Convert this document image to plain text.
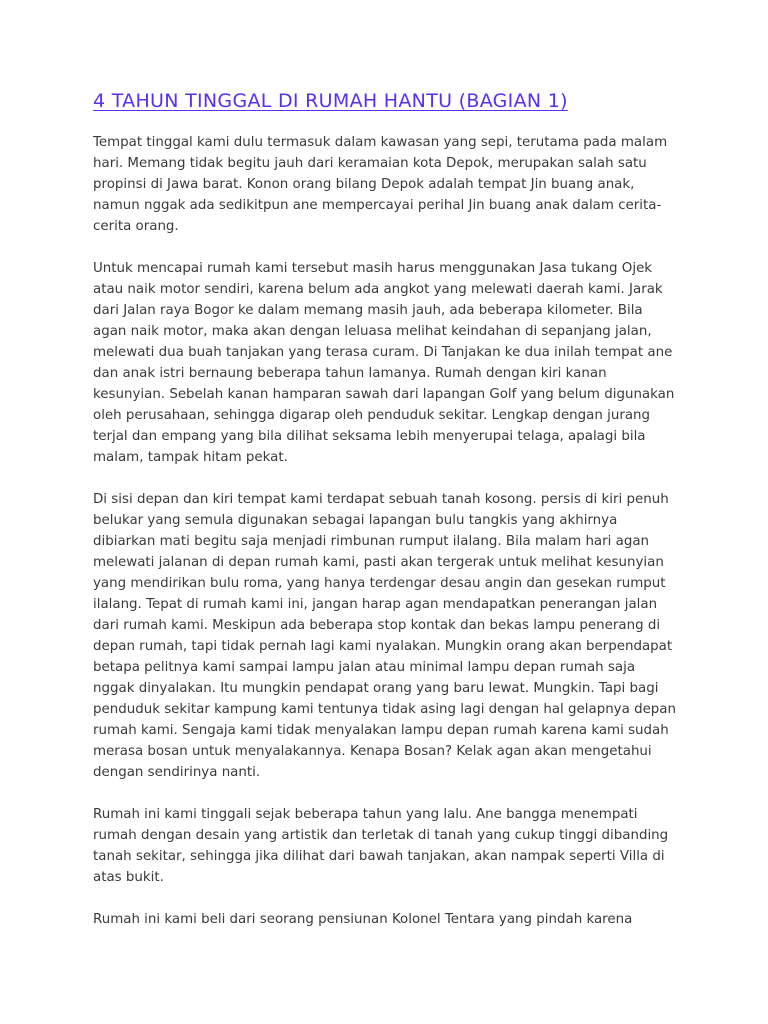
4 TAHUN TINGGAL DI RUMAH HANTU (BAGIAN 1)

Tempat tinggal kami dulu termasuk dalam kawasan yang sepi, terutama pada malam hari. Memang tidak begitu jauh dari keramaian kota Depok, merupakan salah satu propinsi di Jawa barat. Konon orang bilang Depok adalah tempat Jin buang anak, namun nggak ada sedikitpun ane mempercayai perihal Jin buang anak dalam cerita-cerita orang.

Untuk mencapai rumah kami tersebut masih harus menggunakan Jasa tukang Ojek atau naik motor sendiri, karena belum ada angkot yang melewati daerah kami. Jarak dari Jalan raya Bogor ke dalam memang masih jauh, ada beberapa kilometer. Bila agan naik motor, maka akan dengan leluasa melihat keindahan di sepanjang jalan, melewati dua buah tanjakan yang terasa curam. Di Tanjakan ke dua inilah tempat ane dan anak istri bernaung beberapa tahun lamanya. Rumah dengan kiri kanan kesunyian. Sebelah kanan hamparan sawah dari lapangan Golf yang belum digunakan oleh perusahaan, sehingga digarap oleh penduduk sekitar. Lengkap dengan jurang terjal dan empang yang bila dilihat seksama lebih menyerupai telaga, apalagi bila malam, tampak hitam pekat.

Di sisi depan dan kiri tempat kami terdapat sebuah tanah kosong. persis di kiri penuh belukar yang semula digunakan sebagai lapangan bulu tangkis yang akhirnya dibiarkan mati begitu saja menjadi rimbunan rumput ilalang. Bila malam hari agan melewati jalanan di depan rumah kami, pasti akan tergerak untuk melihat kesunyian yang mendirikan bulu roma, yang hanya terdengar desau angin dan gesekan rumput ilalang. Tepat di rumah kami ini, jangan harap agan mendapatkan penerangan jalan dari rumah kami. Meskipun ada beberapa stop kontak dan bekas lampu penerang di depan rumah, tapi tidak pernah lagi kami nyalakan. Mungkin orang akan berpendapat betapa pelitnya kami sampai lampu jalan atau minimal lampu depan rumah saja nggak dinyalakan. Itu mungkin pendapat orang yang baru lewat. Mungkin. Tapi bagi penduduk sekitar kampung kami tentunya tidak asing lagi dengan hal gelapnya depan rumah kami. Sengaja kami tidak menyalakan lampu depan rumah karena kami sudah merasa bosan untuk menyalakannya. Kenapa Bosan? Kelak agan akan mengetahui dengan sendirinya nanti.

Rumah ini kami tinggali sejak beberapa tahun yang lalu. Ane bangga menempati rumah dengan desain yang artistik dan terletak di tanah yang cukup tinggi dibanding tanah sekitar, sehingga jika dilihat dari bawah tanjakan, akan nampak seperti Villa di atas bukit.

Rumah ini kami beli dari seorang pensiunan Kolonel Tentara yang pindah karena
